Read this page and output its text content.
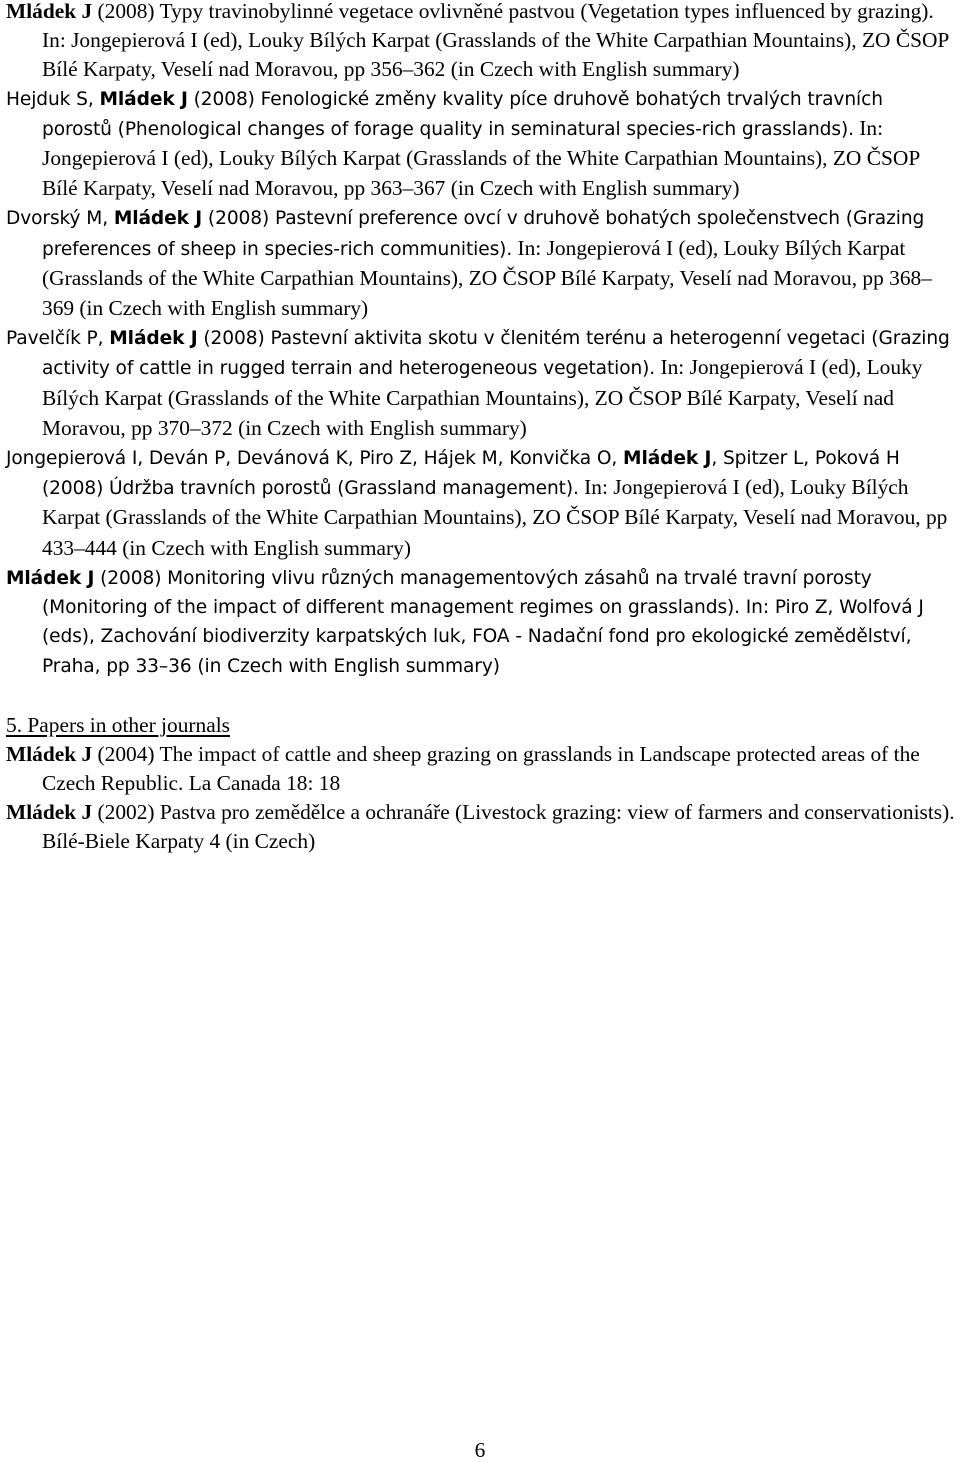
Mládek J (2008) Typy travinobylinné vegetace ovlivněné pastvou (Vegetation types influenced by grazing). In: Jongepierová I (ed), Louky Bílých Karpat (Grasslands of the White Carpathian Mountains), ZO ČSOP Bílé Karpaty, Veselí nad Moravou, pp 356–362 (in Czech with English summary)

Hejduk S, Mládek J (2008) Fenologické změny kvality píce druhově bohatých trvalých travních porostů (Phenological changes of forage quality in seminatural species-rich grasslands). In: Jongepierová I (ed), Louky Bílých Karpat (Grasslands of the White Carpathian Mountains), ZO ČSOP Bílé Karpaty, Veselí nad Moravou, pp 363–367 (in Czech with English summary)

Dvorský M, Mládek J (2008) Pastevní preference ovcí v druhově bohatých společenstvech (Grazing preferences of sheep in species-rich communities). In: Jongepierová I (ed), Louky Bílých Karpat (Grasslands of the White Carpathian Mountains), ZO ČSOP Bílé Karpaty, Veselí nad Moravou, pp 368–369 (in Czech with English summary)

Pavelčík P, Mládek J (2008) Pastevní aktivita skotu v členitém terénu a heterogenní vegetaci (Grazing activity of cattle in rugged terrain and heterogeneous vegetation). In: Jongepierová I (ed), Louky Bílých Karpat (Grasslands of the White Carpathian Mountains), ZO ČSOP Bílé Karpaty, Veselí nad Moravou, pp 370–372 (in Czech with English summary)

Jongepierová I, Deván P, Devánová K, Piro Z, Hájek M, Konvička O, Mládek J, Spitzer L, Poková H (2008) Údržba travních porostů (Grassland management). In: Jongepierová I (ed), Louky Bílých Karpat (Grasslands of the White Carpathian Mountains), ZO ČSOP Bílé Karpaty, Veselí nad Moravou, pp 433–444 (in Czech with English summary)

Mládek J (2008) Monitoring vlivu různých managementových zásahů na trvalé travní porosty (Monitoring of the impact of different management regimes on grasslands). In: Piro Z, Wolfová J (eds), Zachování biodiverzity karpatských luk, FOA - Nadační fond pro ekologické zemědělství, Praha, pp 33–36 (in Czech with English summary)

5. Papers in other journals

Mládek J (2004) The impact of cattle and sheep grazing on grasslands in Landscape protected areas of the Czech Republic. La Canada 18: 18

Mládek J (2002) Pastva pro zemědělce a ochranáře (Livestock grazing: view of farmers and conservationists). Bílé-Biele Karpaty 4 (in Czech)

6
